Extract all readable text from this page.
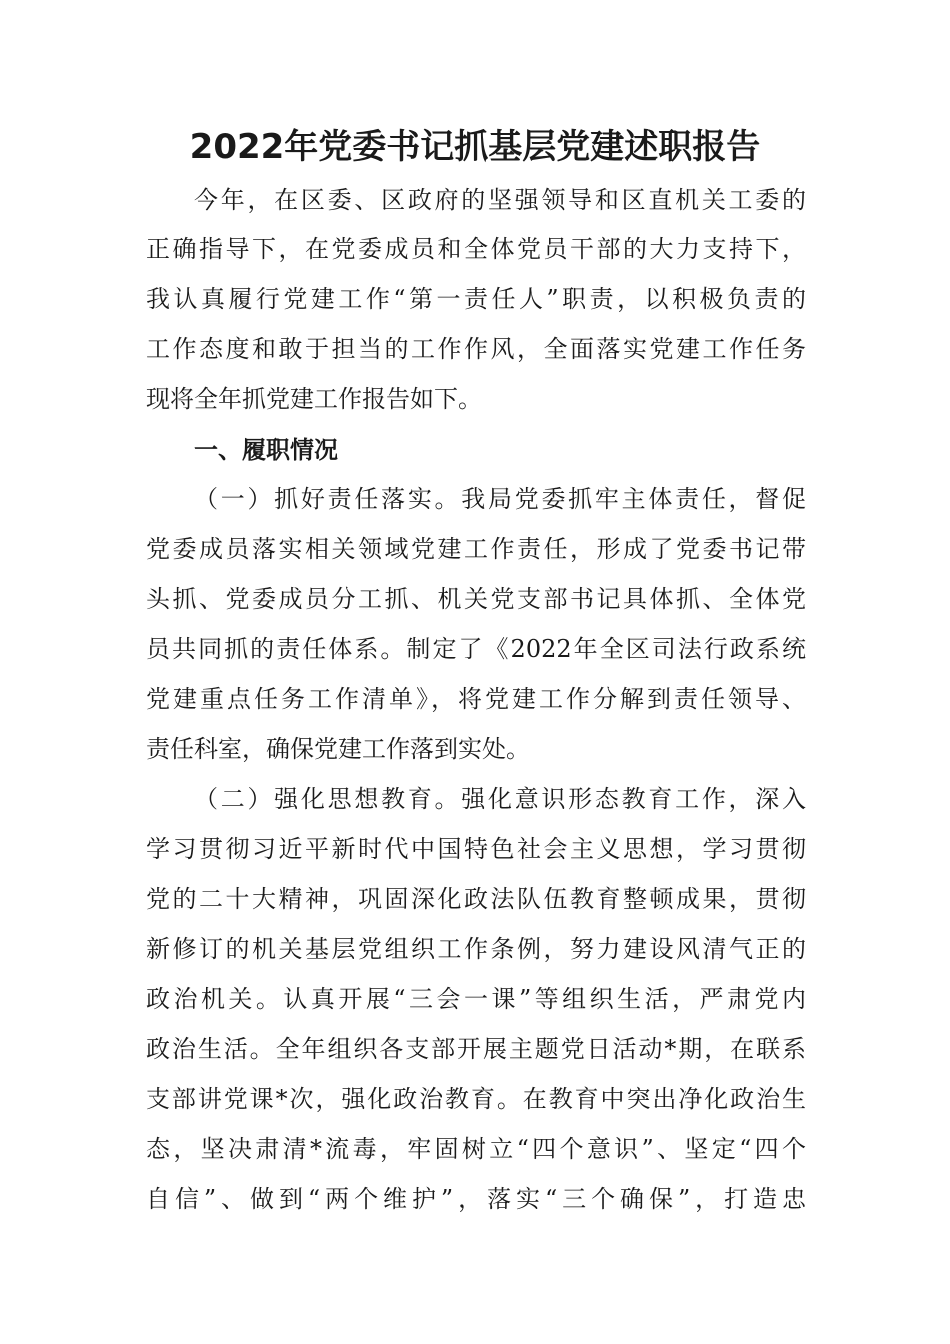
2022年党委书记抓基层党建述职报告
今年，在区委、区政府的坚强领导和区直机关工委的
正确指导下，在党委成员和全体党员干部的大力支持下，
我认真履行党建工作“第一责任人”职责，以积极负责的
工作态度和敢于担当的工作作风，全面落实党建工作任务
现将全年抓党建工作报告如下。
一、履职情况
（一）抓好责任落实。我局党委抓牢主体责任，督促
党委成员落实相关领域党建工作责任，形成了党委书记带
头抓、党委成员分工抓、机关党支部书记具体抓、全体党
员共同抓的责任体系。制定了《2022年全区司法行政系统
党建重点任务工作清单》，将党建工作分解到责任领导、
责任科室，确保党建工作落到实处。
（二）强化思想教育。强化意识形态教育工作，深入
学习贯彻习近平新时代中国特色社会主义思想，学习贯彻
党的二十大精神，巩固深化政法队伍教育整顿成果，贯彻
新修订的机关基层党组织工作条例，努力建设风清气正的
政治机关。认真开展“三会一课”等组织生活，严肃党内
政治生活。全年组织各支部开展主题党日活动*期，在联系
支部讲党课*次，强化政治教育。在教育中突出净化政治生
态，坚决肃清*流毒，牢固树立“四个意识”、坚定“四个
自信”、做到“两个维护”，落实“三个确保”，打造忠
